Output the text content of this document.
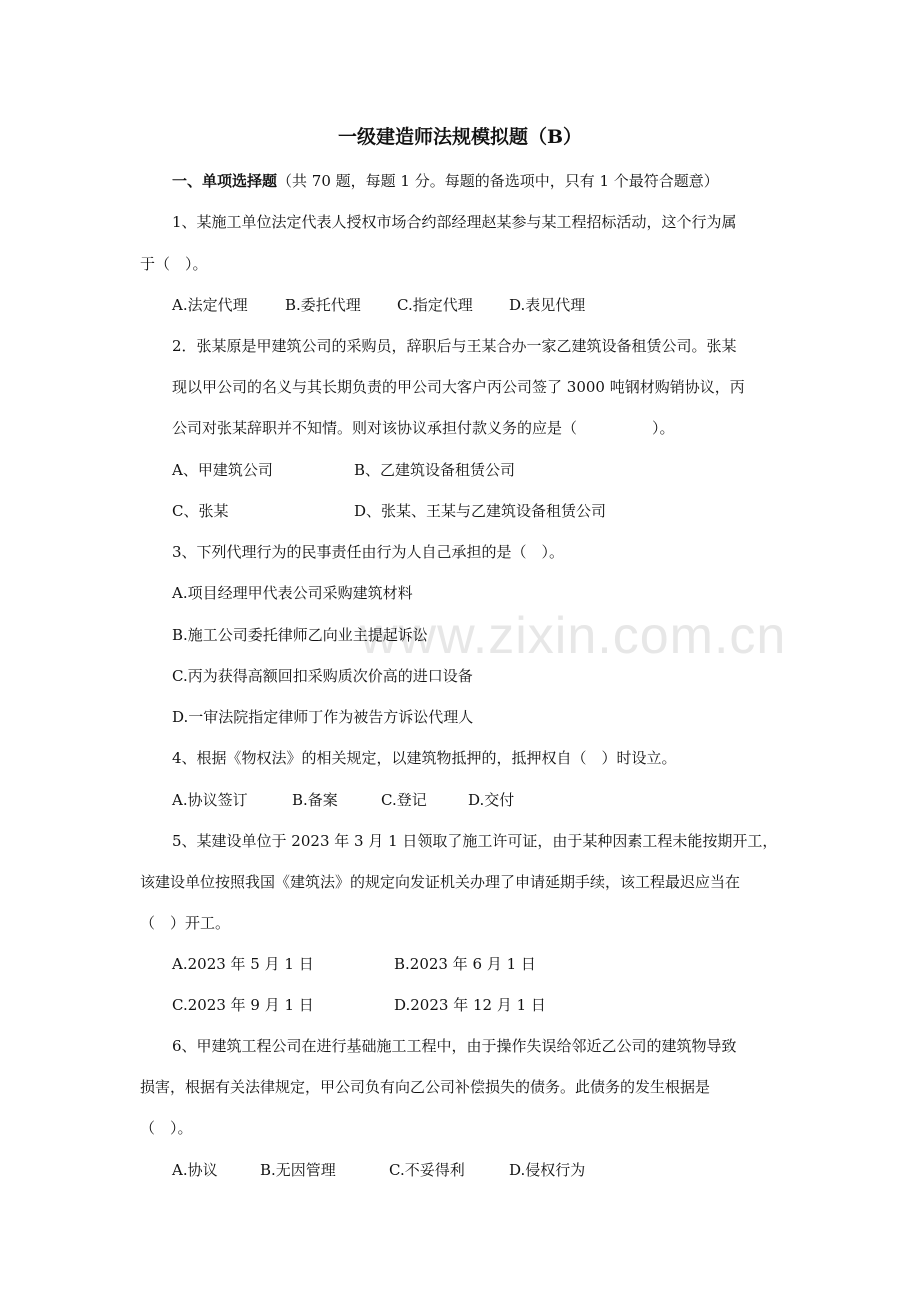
www.zixin.com.cn
一级建造师法规模拟题（B）
一、单项选择题（共 70 题，每题 1 分。每题的备选项中，只有 1 个最符合题意）
1、某施工单位法定代表人授权市场合约部经理赵某参与某工程招标活动，这个行为属
于（　）。
A.法定代理 B.委托代理 C.指定代理 D.表见代理
2．张某原是甲建筑公司的采购员，辞职后与王某合办一家乙建筑设备租赁公司。张某
现以甲公司的名义与其长期负责的甲公司大客户丙公司签了 3000 吨钢材购销协议，丙
公司对张某辞职并不知情。则对该协议承担付款义务的应是（　　　　　）。
A、甲建筑公司	B、乙建筑设备租赁公司
C、张某	D、张某、王某与乙建筑设备租赁公司
3、下列代理行为的民事责任由行为人自己承担的是（　）。
A.项目经理甲代表公司采购建筑材料
B.施工公司委托律师乙向业主提起诉讼
C.丙为获得高额回扣采购质次价高的进口设备
D.一审法院指定律师丁作为被告方诉讼代理人
4、根据《物权法》的相关规定，以建筑物抵押的，抵押权自（　）时设立。
A.协议签订	B.备案	C.登记	D.交付
5、某建设单位于 2023 年 3 月 1 日领取了施工许可证，由于某种因素工程未能按期开工，
该建设单位按照我国《建筑法》的规定向发证机关办理了申请延期手续，该工程最迟应当在
（　）开工。
A.2023 年 5 月 1 日	B.2023 年 6 月 1 日
C.2023 年 9 月 1 日	D.2023 年 12 月 1 日
6、甲建筑工程公司在进行基础施工工程中，由于操作失误给邻近乙公司的建筑物导致
损害，根据有关法律规定，甲公司负有向乙公司补偿损失的债务。此债务的发生根据是
（　）。
A.协议	B.无因管理	C.不妥得利	D.侵权行为
